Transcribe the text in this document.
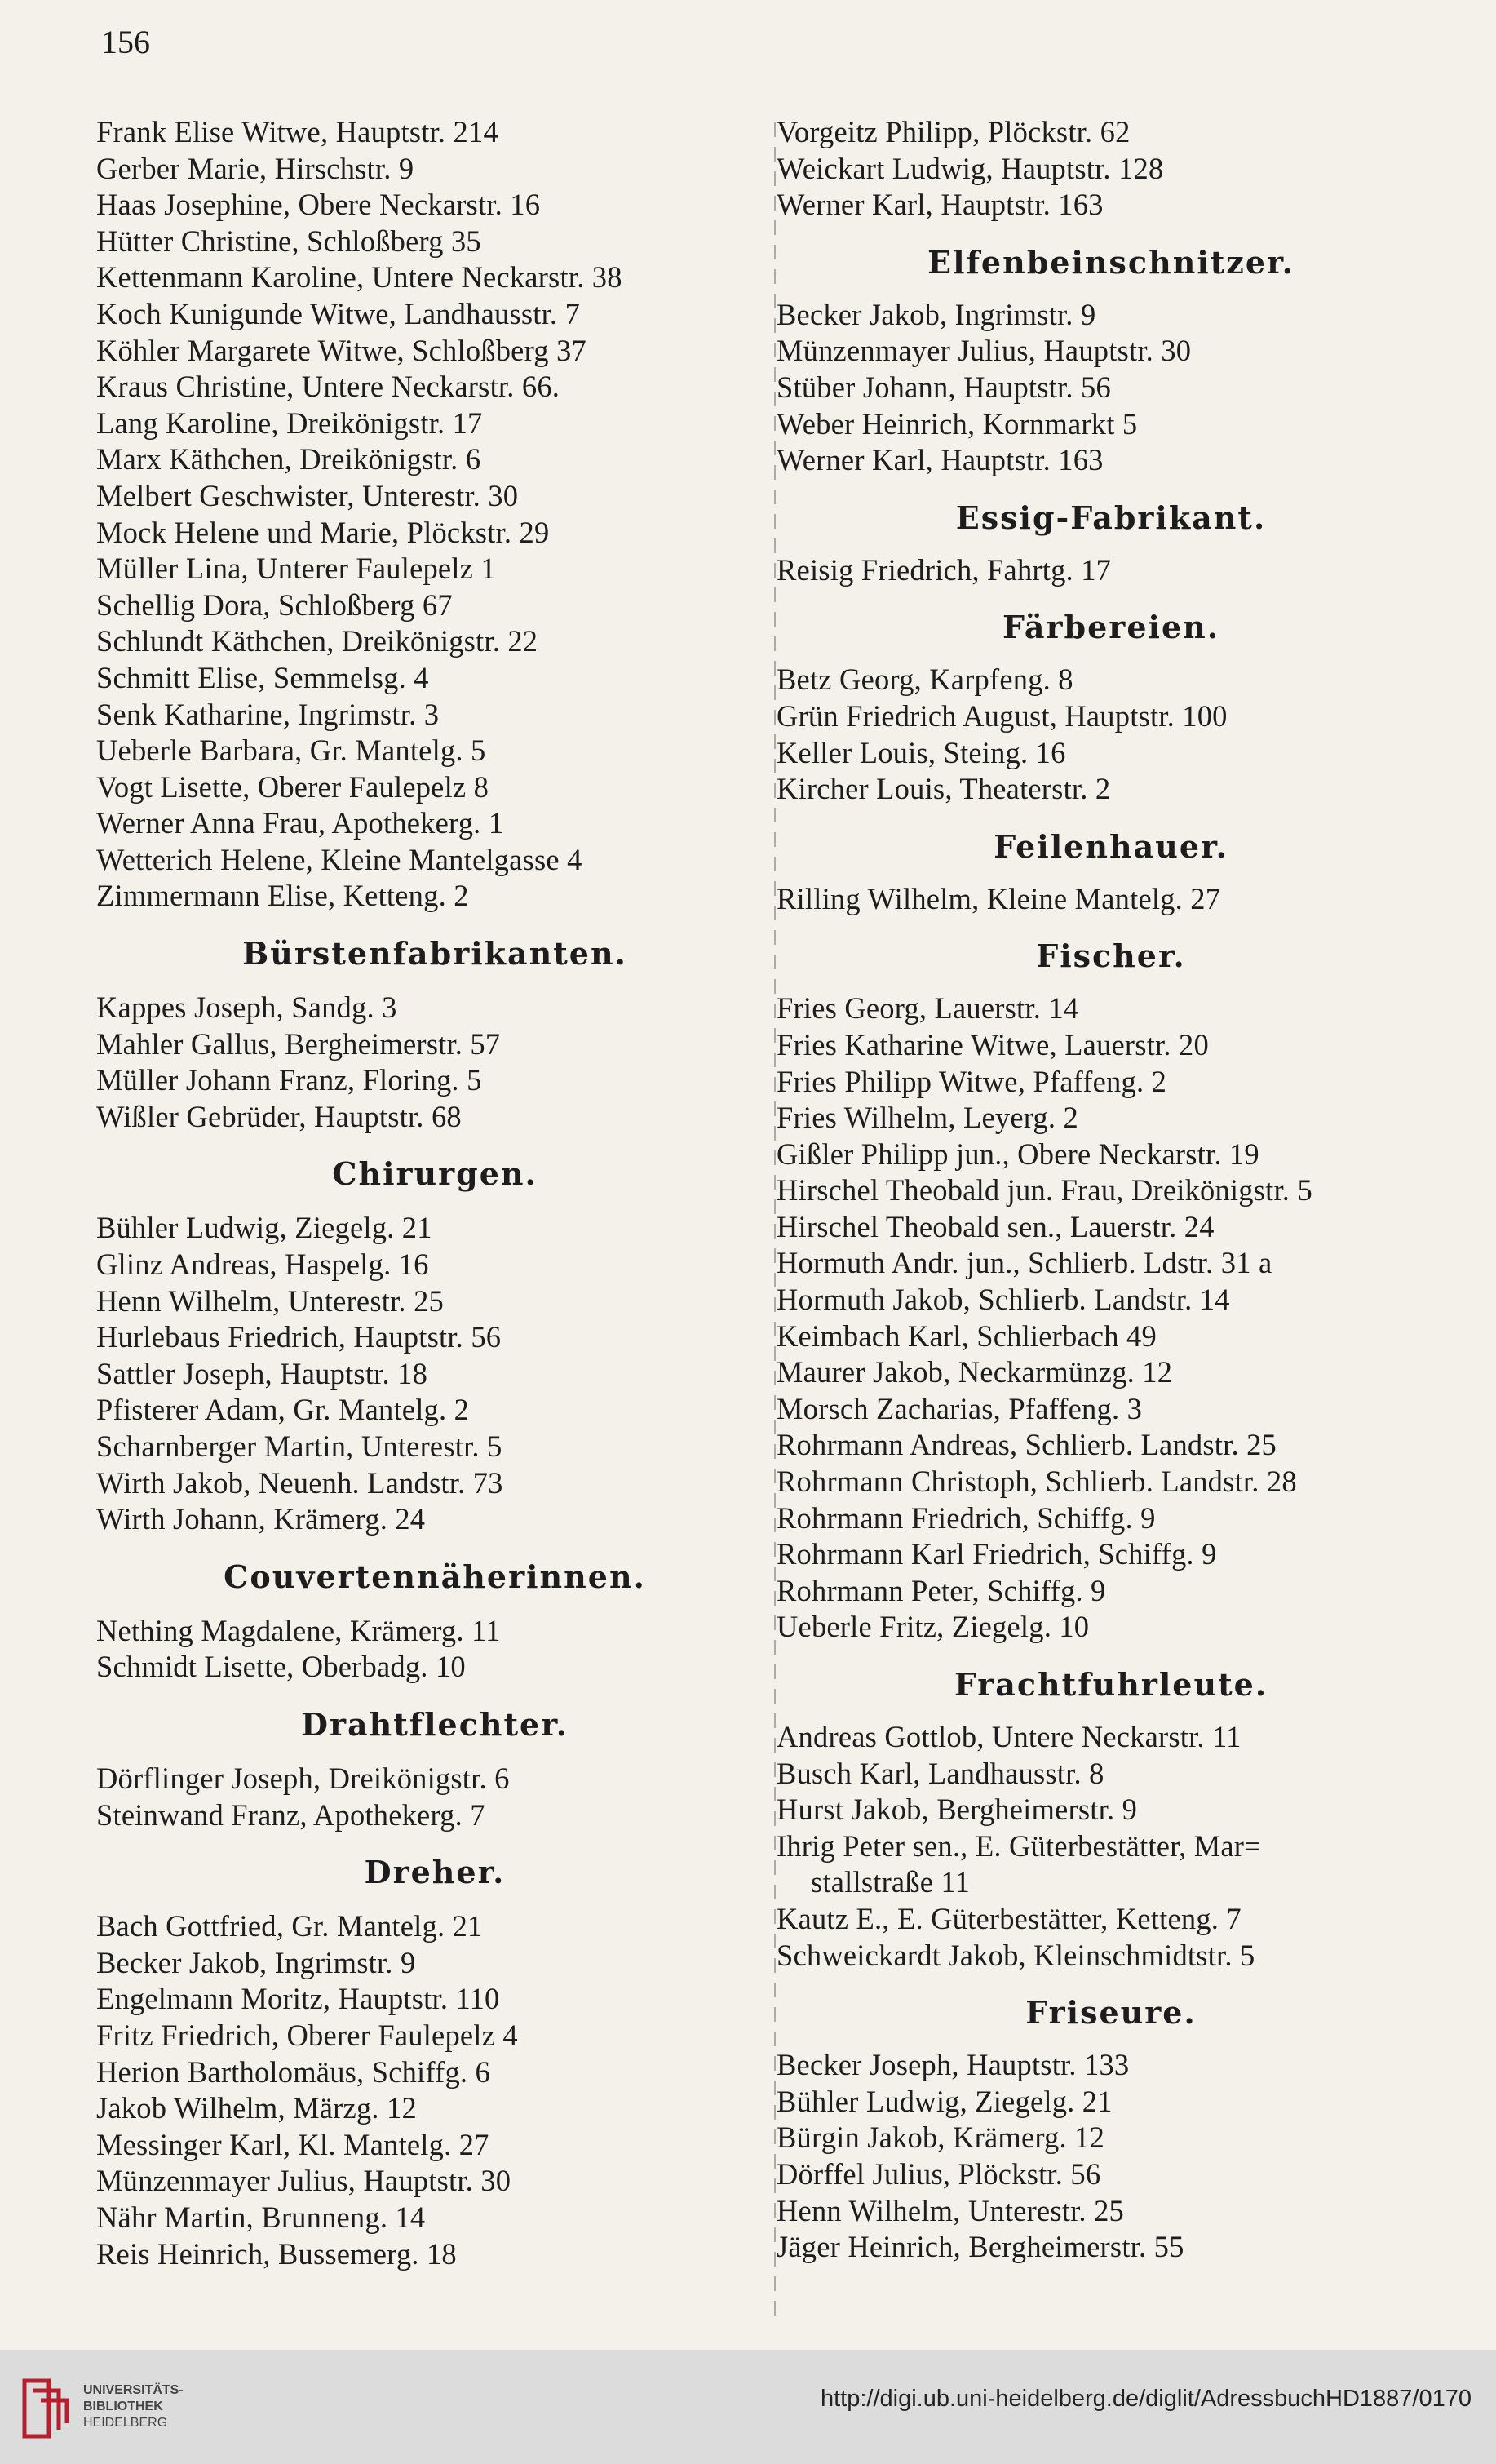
156
Frank Elise Witwe, Hauptstr. 214
Gerber Marie, Hirschstr. 9
Haas Josephine, Obere Neckarstr. 16
Hütter Christine, Schloßberg 35
Kettenmann Karoline, Untere Neckarstr. 38
Koch Kunigunde Witwe, Landhausstr. 7
Köhler Margarete Witwe, Schloßberg 37
Kraus Christine, Untere Neckarstr. 66.
Lang Karoline, Dreikönigstr. 17
Marx Käthchen, Dreikönigstr. 6
Melbert Geschwister, Unterestr. 30
Mock Helene und Marie, Plöckstr. 29
Müller Lina, Unterer Faulepelz 1
Schellig Dora, Schloßberg 67
Schlundt Käthchen, Dreikönigstr. 22
Schmitt Elise, Semmelsg. 4
Senk Katharine, Ingrimstr. 3
Ueberle Barbara, Gr. Mantelg. 5
Vogt Lisette, Oberer Faulepelz 8
Werner Anna Frau, Apothekerg. 1
Wetterich Helene, Kleine Mantelgasse 4
Zimmermann Elise, Ketteng. 2
Bürstenfabrikanten.
Kappes Joseph, Sandg. 3
Mahler Gallus, Bergheimerstr. 57
Müller Johann Franz, Floring. 5
Wißler Gebrüder, Hauptstr. 68
Chirurgen.
Bühler Ludwig, Ziegelg. 21
Glinz Andreas, Haspelg. 16
Henn Wilhelm, Unterestr. 25
Hurlebaus Friedrich, Hauptstr. 56
Sattler Joseph, Hauptstr. 18
Pfisterer Adam, Gr. Mantelg. 2
Scharnberger Martin, Unterestr. 5
Wirth Jakob, Neuenh. Landstr. 73
Wirth Johann, Krämerg. 24
Couvertennäherinnen.
Nething Magdalene, Krämerg. 11
Schmidt Lisette, Oberbadg. 10
Drahtflechter.
Dörflinger Joseph, Dreikönigstr. 6
Steinwand Franz, Apothekerg. 7
Dreher.
Bach Gottfried, Gr. Mantelg. 21
Becker Jakob, Ingrimstr. 9
Engelmann Moritz, Hauptstr. 110
Fritz Friedrich, Oberer Faulepelz 4
Herion Bartholomäus, Schiffg. 6
Jakob Wilhelm, Märzg. 12
Messinger Karl, Kl. Mantelg. 27
Münzenmayer Julius, Hauptstr. 30
Nähr Martin, Brunneng. 14
Reis Heinrich, Bussemerg. 18
Vorgeitz Philipp, Plöckstr. 62
Weickart Ludwig, Hauptstr. 128
Werner Karl, Hauptstr. 163
Elfenbeinschnitzer.
Becker Jakob, Ingrimstr. 9
Münzenmayer Julius, Hauptstr. 30
Stüber Johann, Hauptstr. 56
Weber Heinrich, Kornmarkt 5
Werner Karl, Hauptstr. 163
Essig-Fabrikant.
Reisig Friedrich, Fahrtg. 17
Färbereien.
Betz Georg, Karpfeng. 8
Grün Friedrich August, Hauptstr. 100
Keller Louis, Steing. 16
Kircher Louis, Theaterstr. 2
Feilenhauer.
Rilling Wilhelm, Kleine Mantelg. 27
Fischer.
Fries Georg, Lauerstr. 14
Fries Katharine Witwe, Lauerstr. 20
Fries Philipp Witwe, Pfaffeng. 2
Fries Wilhelm, Leyerg. 2
Gißler Philipp jun., Obere Neckarstr. 19
Hirschel Theobald jun. Frau, Dreikönigstr. 5
Hirschel Theobald sen., Lauerstr. 24
Hormuth Andr. jun., Schlierb. Ldstr. 31 a
Hormuth Jakob, Schlierb. Landstr. 14
Keimbach Karl, Schlierbach 49
Maurer Jakob, Neckarmünzg. 12
Morsch Zacharias, Pfaffeng. 3
Rohrmann Andreas, Schlierb. Landstr. 25
Rohrmann Christoph, Schlierb. Landstr. 28
Rohrmann Friedrich, Schiffg. 9
Rohrmann Karl Friedrich, Schiffg. 9
Rohrmann Peter, Schiffg. 9
Ueberle Fritz, Ziegelg. 10
Frachtfuhrleute.
Andreas Gottlob, Untere Neckarstr. 11
Busch Karl, Landhausstr. 8
Hurst Jakob, Bergheimerstr. 9
Ihrig Peter sen., E. Güterbestätter, Mar=
stallstraße 11
Kautz E., E. Güterbestätter, Ketteng. 7
Schweickardt Jakob, Kleinschmidtstr. 5
Friseure.
Becker Joseph, Hauptstr. 133
Bühler Ludwig, Ziegelg. 21
Bürgin Jakob, Krämerg. 12
Dörffel Julius, Plöckstr. 56
Henn Wilhelm, Unterestr. 25
Jäger Heinrich, Bergheimerstr. 55
UNIVERSITÄTS-
BIBLIOTHEK
HEIDELBERG
http://digi.ub.uni-heidelberg.de/diglit/AdressbuchHD1887/0170
